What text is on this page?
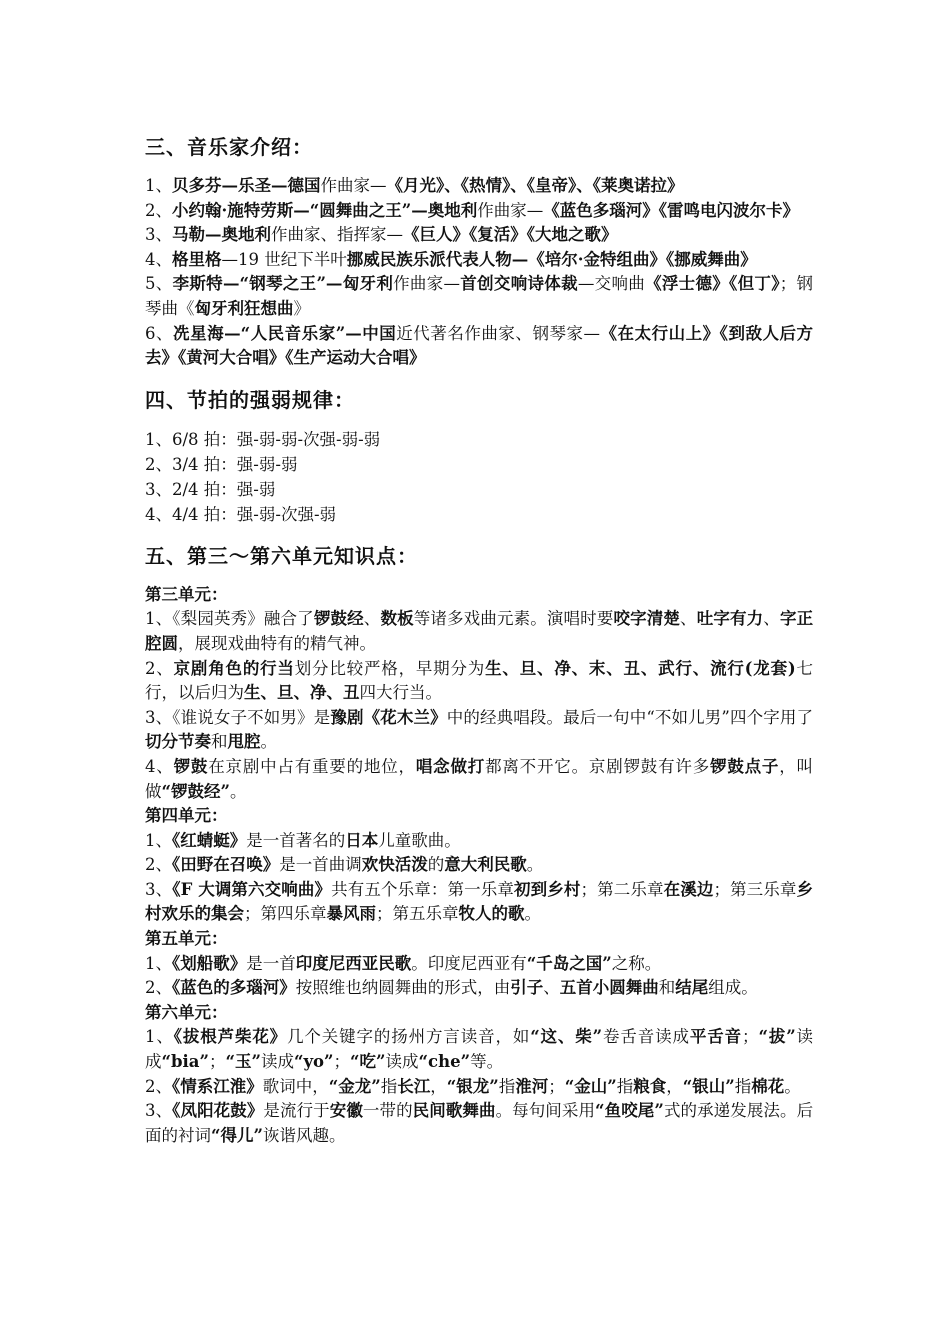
三、音乐家介绍：

1、贝多芬—乐圣—德国作曲家—《月光》、《热情》、《皇帝》、《莱奥诺拉》

2、小约翰·施特劳斯—“圆舞曲之王”—奥地利作曲家—《蓝色多瑙河》《雷鸣电闪波尔卡》

3、马勒—奥地利作曲家、指挥家—《巨人》《复活》《大地之歌》

4、格里格—19 世纪下半叶挪威民族乐派代表人物—《培尔·金特组曲》《挪威舞曲》

5、李斯特—“钢琴之王”—匈牙利作曲家—首创交响诗体裁—交响曲《浮士德》《但丁》；钢琴曲《匈牙利狂想曲》

6、冼星海—“人民音乐家”—中国近代著名作曲家、钢琴家—《在太行山上》《到敌人后方去》《黄河大合唱》《生产运动大合唱》

四、节拍的强弱规律：

1、6/8 拍：强-弱-弱-次强-弱-弱

2、3/4 拍：强-弱-弱

3、2/4 拍：强-弱

4、4/4 拍：强-弱-次强-弱

五、第三～第六单元知识点：

第三单元：

1、《梨园英秀》融合了锣鼓经、数板等诸多戏曲元素。演唱时要咬字清楚、吐字有力、字正腔圆，展现戏曲特有的精气神。

2、京剧角色的行当划分比较严格，早期分为生、旦、净、末、丑、武行、流行(龙套)七行，以后归为生、旦、净、丑四大行当。

3、《谁说女子不如男》是豫剧《花木兰》中的经典唱段。最后一句中“不如儿男”四个字用了切分节奏和甩腔。

4、锣鼓在京剧中占有重要的地位，唱念做打都离不开它。京剧锣鼓有许多锣鼓点子，叫做“锣鼓经”。

第四单元：

1、《红蜻蜓》是一首著名的日本儿童歌曲。

2、《田野在召唤》是一首曲调欢快活泼的意大利民歌。

3、《F 大调第六交响曲》共有五个乐章：第一乐章初到乡村；第二乐章在溪边；第三乐章乡村欢乐的集会；第四乐章暴风雨；第五乐章牧人的歌。

第五单元：

1、《划船歌》是一首印度尼西亚民歌。印度尼西亚有“千岛之国”之称。

2、《蓝色的多瑙河》按照维也纳圆舞曲的形式，由引子、五首小圆舞曲和结尾组成。

第六单元：

1、《拔根芦柴花》几个关键字的扬州方言读音，如“这、柴”卷舌音读成平舌音；“拔”读成“bia”；“玉”读成“yo”；“吃”读成“che”等。

2、《情系江淮》歌词中，“金龙”指长江，“银龙”指淮河；“金山”指粮食，“银山”指棉花。

3、《凤阳花鼓》是流行于安徽一带的民间歌舞曲。每句间采用“鱼咬尾”式的承递发展法。后面的衬词“得儿”诙谐风趣。
